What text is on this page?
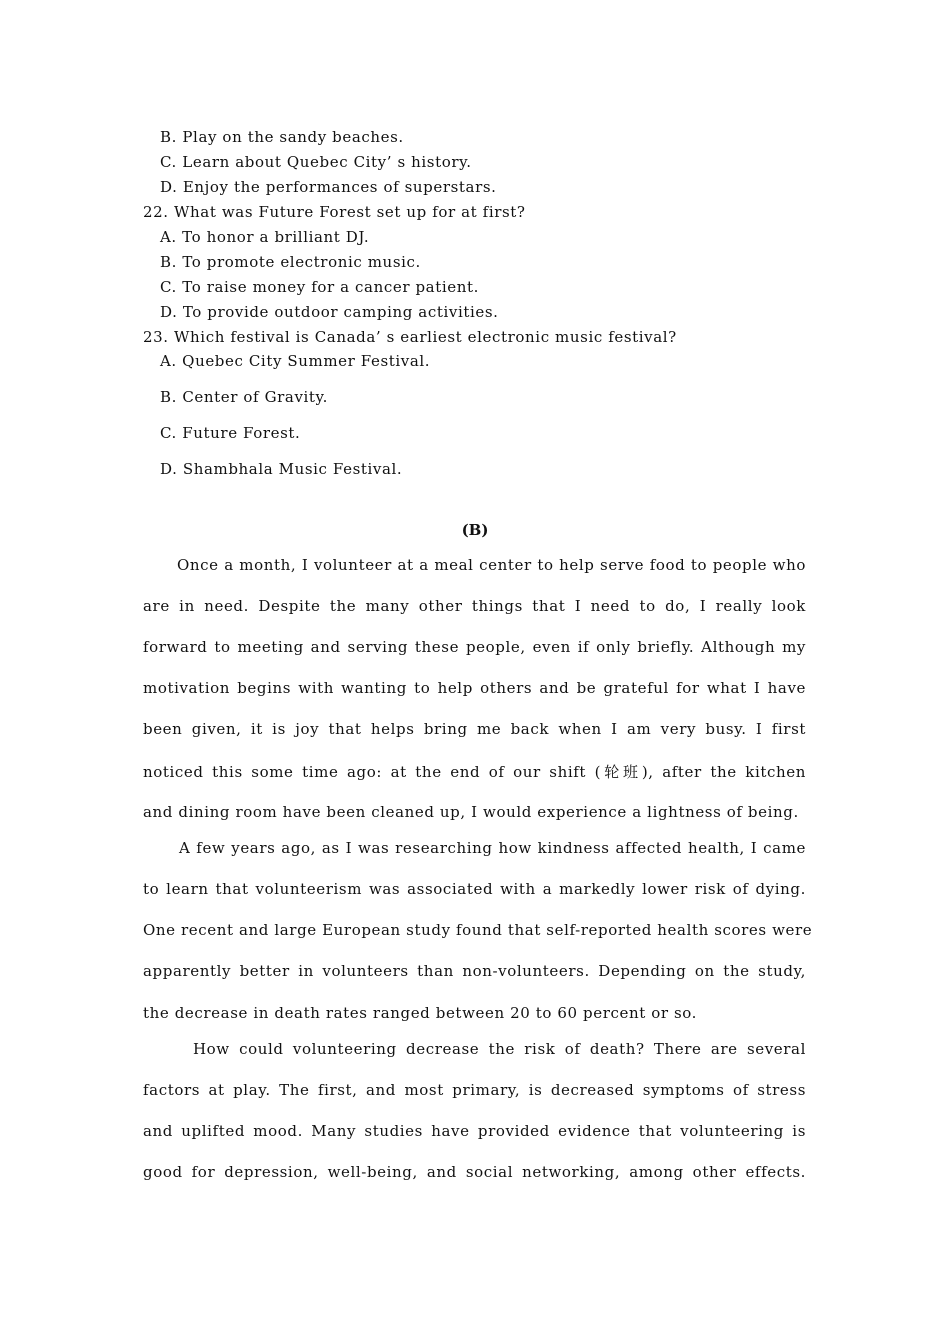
B. Play on the sandy beaches.
C. Learn about Quebec City’ s history.
D. Enjoy the performances of superstars.
22. What was Future Forest set up for at first?
A. To honor a brilliant DJ.
B. To promote electronic music.
C. To raise money for a cancer patient.
D. To provide outdoor camping activities.
23. Which festival is Canada’ s earliest electronic music festival?
A. Quebec City Summer Festival.
B. Center of Gravity.
C. Future Forest.
D. Shambhala Music Festival.
(B)
Once a month, I volunteer at a meal center to help serve food to people who
are in need. Despite the many other things that I need to do, I really look
forward to meeting and serving these people, even if only briefly. Although my
motivation begins with wanting to help others and be grateful for what I have
been given, it is joy that helps bring me back when I am very busy. I first
noticed this some time ago: at the end of our shift (轮班), after the kitchen
and dining room have been cleaned up, I would experience a lightness of being.
A few years ago, as I was researching how kindness affected health, I came
to learn that volunteerism was associated with a markedly lower risk of dying.
One recent and large European study found that self-reported health scores were
apparently better in volunteers than non-volunteers. Depending on the study,
the decrease in death rates ranged between 20 to 60 percent or so.
How could volunteering decrease the risk of death? There are several
factors at play. The first, and most primary, is decreased symptoms of stress
and uplifted mood. Many studies have provided evidence that volunteering is
good for depression, well-being, and social networking, among other effects.
